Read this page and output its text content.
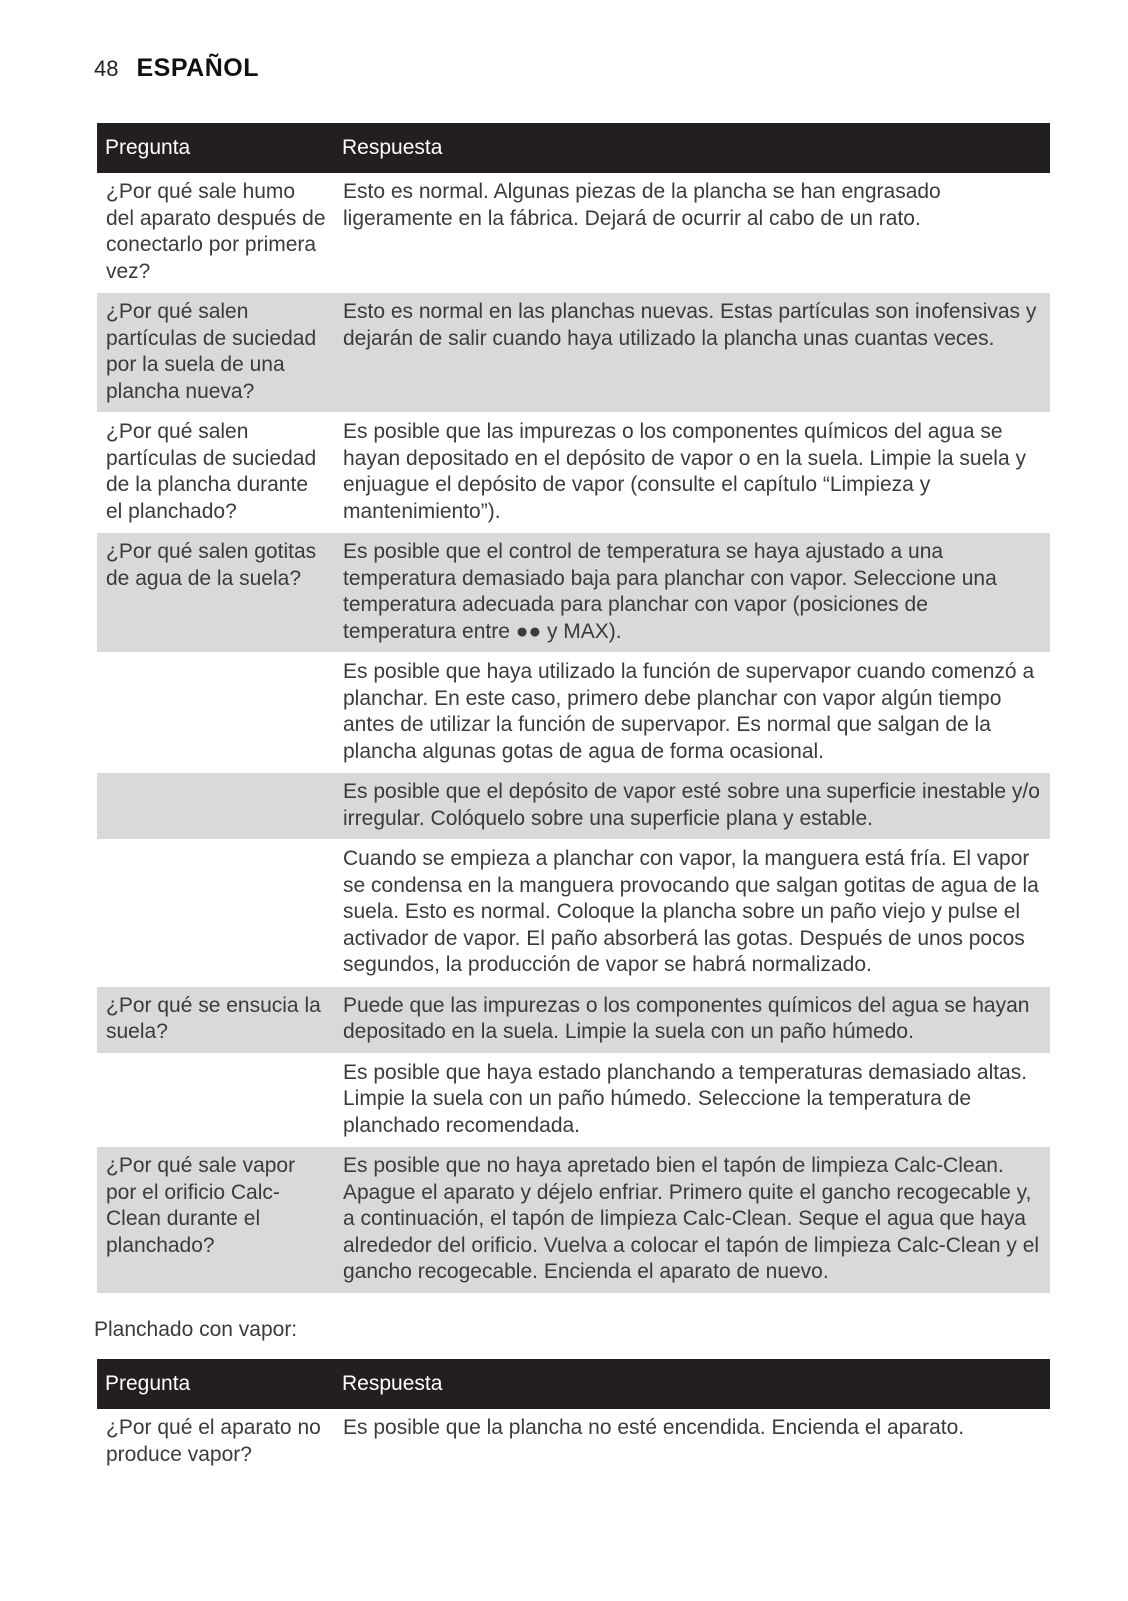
48 ESPAÑOL
Pregunta	Respuesta
¿Por qué sale humo del aparato después de conectarlo por primera vez?	Esto es normal. Algunas piezas de la plancha se han engrasado ligeramente en la fábrica. Dejará de ocurrir al cabo de un rato.
¿Por qué salen partículas de suciedad por la suela de una plancha nueva?	Esto es normal en las planchas nuevas. Estas partículas son inofensivas y dejarán de salir cuando haya utilizado la plancha unas cuantas veces.
¿Por qué salen partículas de suciedad de la plancha durante el planchado?	Es posible que las impurezas o los componentes químicos del agua se hayan depositado en el depósito de vapor o en la suela. Limpie la suela y enjuague el depósito de vapor (consulte el capítulo “Limpieza y mantenimiento”).
¿Por qué salen gotitas de agua de la suela?	Es posible que el control de temperatura se haya ajustado a una temperatura demasiado baja para planchar con vapor. Seleccione una temperatura adecuada para planchar con vapor (posiciones de temperatura entre ●● y MAX).
	Es posible que haya utilizado la función de supervapor cuando comenzó a planchar. En este caso, primero debe planchar con vapor algún tiempo antes de utilizar la función de supervapor. Es normal que salgan de la plancha algunas gotas de agua de forma ocasional.
	Es posible que el depósito de vapor esté sobre una superficie inestable y/o irregular. Colóquelo sobre una superficie plana y estable.
	Cuando se empieza a planchar con vapor, la manguera está fría. El vapor se condensa en la manguera provocando que salgan gotitas de agua de la suela. Esto es normal. Coloque la plancha sobre un paño viejo y pulse el activador de vapor. El paño absorberá las gotas. Después de unos pocos segundos, la producción de vapor se habrá normalizado.
¿Por qué se ensucia la suela?	Puede que las impurezas o los componentes químicos del agua se hayan depositado en la suela. Limpie la suela con un paño húmedo.
	Es posible que haya estado planchando a temperaturas demasiado altas. Limpie la suela con un paño húmedo. Seleccione la temperatura de planchado recomendada.
¿Por qué sale vapor por el orificio Calc-Clean durante el planchado?	Es posible que no haya apretado bien el tapón de limpieza Calc-Clean. Apague el aparato y déjelo enfriar. Primero quite el gancho recogecable y, a continuación, el tapón de limpieza Calc-Clean. Seque el agua que haya alrededor del orificio. Vuelva a colocar el tapón de limpieza Calc-Clean y el gancho recogecable. Encienda el aparato de nuevo.
Planchado con vapor:
Pregunta	Respuesta
¿Por qué el aparato no produce vapor?	Es posible que la plancha no esté encendida. Encienda el aparato.
